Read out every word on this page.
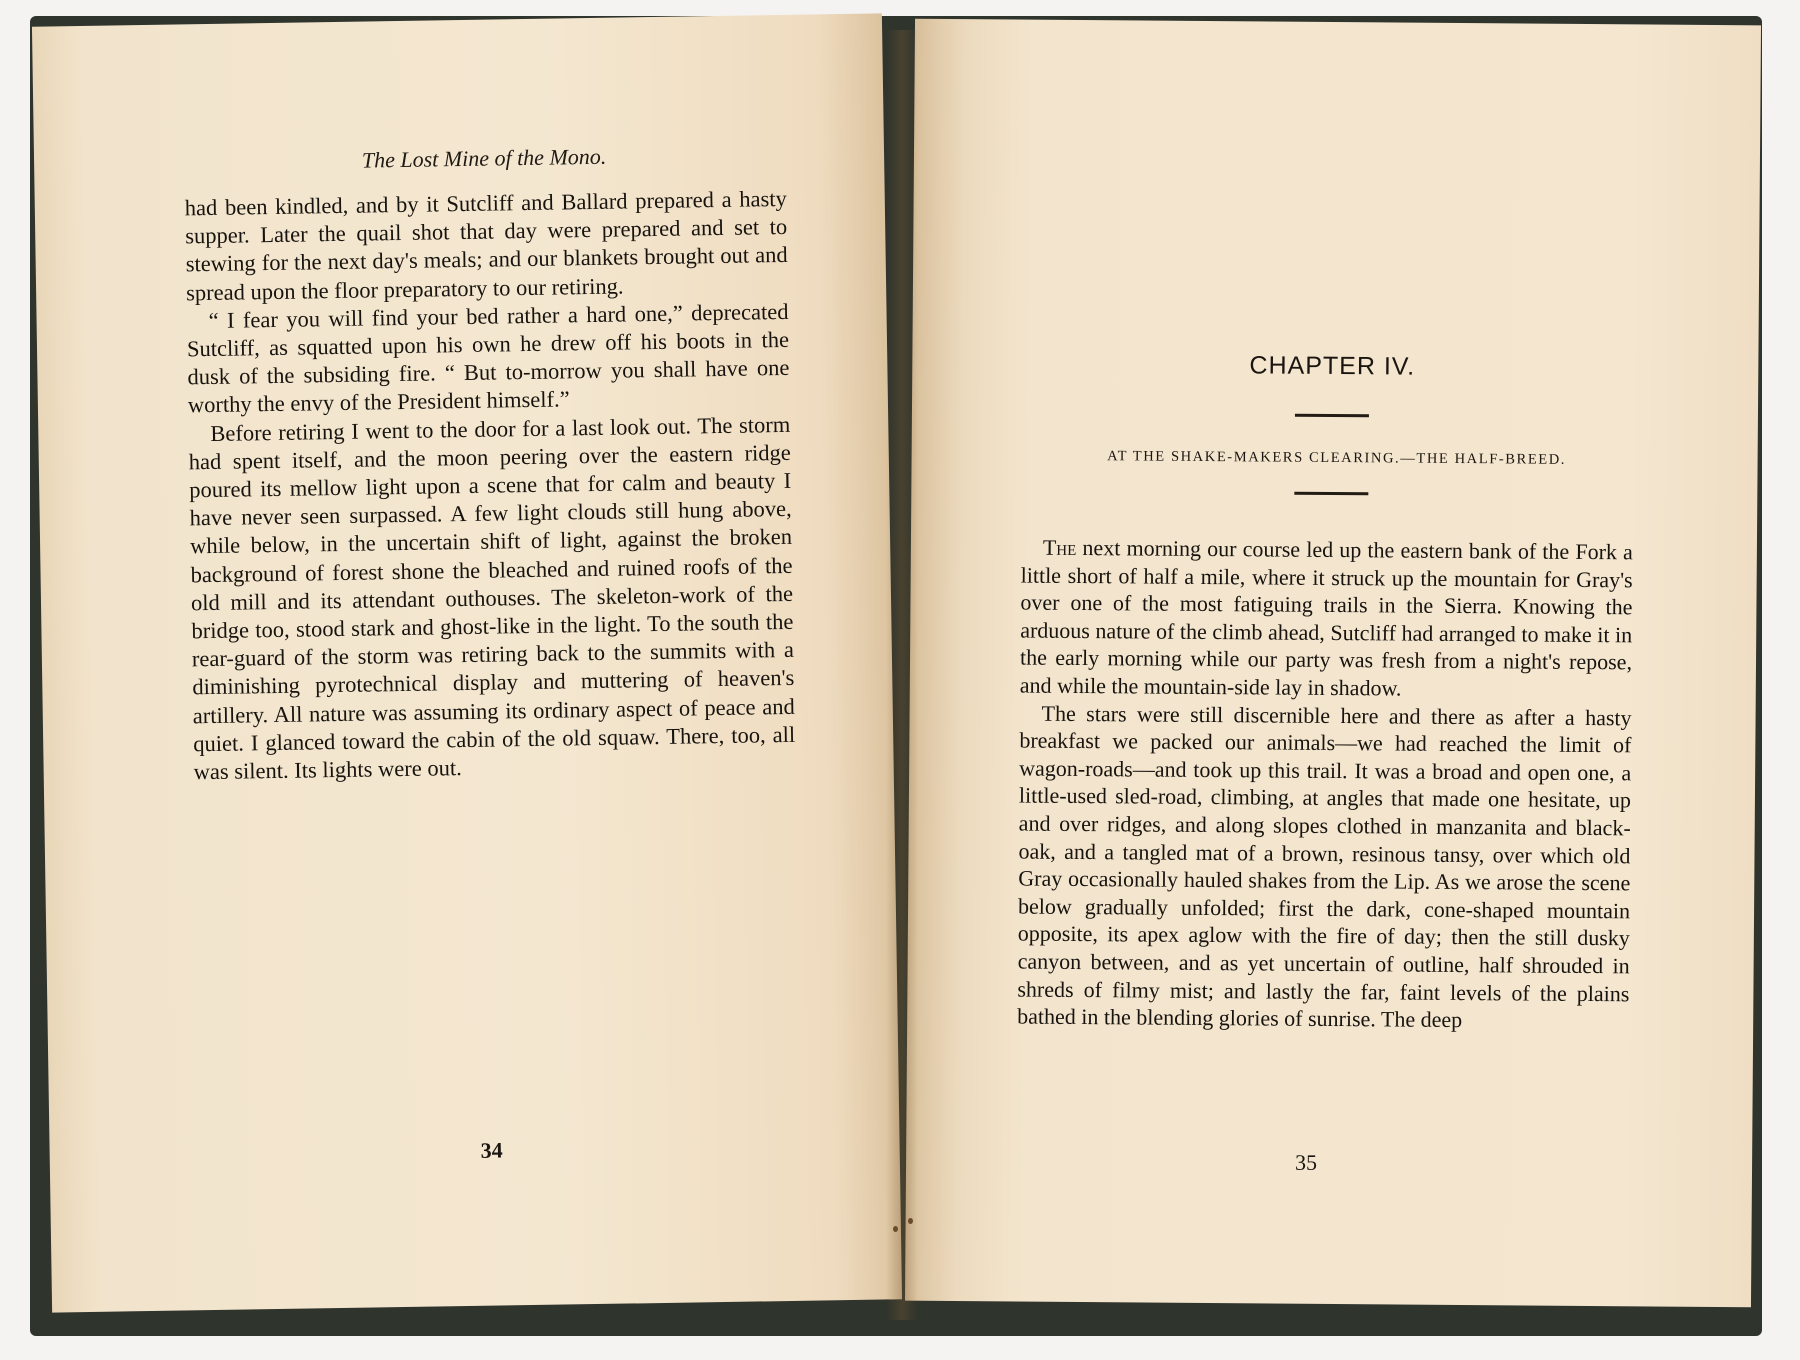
The Lost Mine of the Mono.

had been kindled, and by it Sutcliff and Ballard prepared a hasty supper. Later the quail shot that day were prepared and set to stewing for the next day's meals; and our blankets brought out and spread upon the floor preparatory to our retiring.

“ I fear you will find your bed rather a hard one,” deprecated Sutcliff, as squatted upon his own he drew off his boots in the dusk of the subsiding fire. “ But to-morrow you shall have one worthy the envy of the President himself.”

Before retiring I went to the door for a last look out. The storm had spent itself, and the moon peering over the eastern ridge poured its mellow light upon a scene that for calm and beauty I have never seen surpassed. A few light clouds still hung above, while below, in the uncertain shift of light, against the broken background of forest shone the bleached and ruined roofs of the old mill and its attendant outhouses. The skeleton-work of the bridge too, stood stark and ghost-like in the light. To the south the rear-guard of the storm was retiring back to the summits with a diminishing pyrotechnical display and muttering of heaven's artillery. All nature was assuming its ordinary aspect of peace and quiet. I glanced toward the cabin of the old squaw. There, too, all was silent. Its lights were out.

34
CHAPTER IV.
AT THE SHAKE-MAKERS CLEARING.—THE HALF-BREED.

The next morning our course led up the eastern bank of the Fork a little short of half a mile, where it struck up the mountain for Gray's over one of the most fatiguing trails in the Sierra. Knowing the arduous nature of the climb ahead, Sutcliff had arranged to make it in the early morning while our party was fresh from a night's repose, and while the mountain-side lay in shadow.

The stars were still discernible here and there as after a hasty breakfast we packed our animals—we had reached the limit of wagon-roads—and took up this trail. It was a broad and open one, a little-used sled-road, climbing, at angles that made one hesitate, up and over ridges, and along slopes clothed in manzanita and black-oak, and a tangled mat of a brown, resinous tansy, over which old Gray occasionally hauled shakes from the Lip. As we arose the scene below gradually unfolded; first the dark, cone-shaped mountain opposite, its apex aglow with the fire of day; then the still dusky canyon between, and as yet uncertain of outline, half shrouded in shreds of filmy mist; and lastly the far, faint levels of the plains bathed in the blending glories of sunrise. The deep

35
